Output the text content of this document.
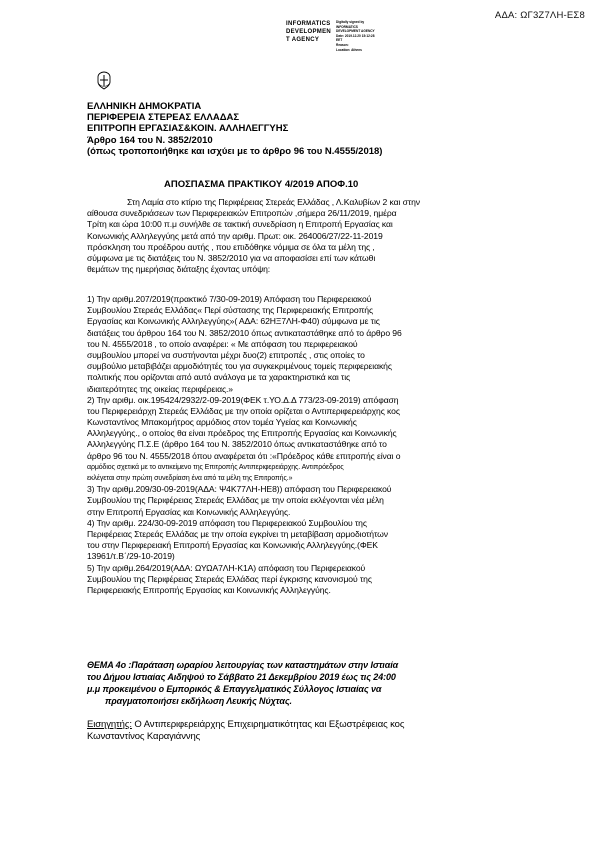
ΑΔΑ: ΩΓ3Ζ7ΛΗ-ΕΣ8
INFORMATICS
DEVELOPMEN
T AGENCY
Digitally signed by
INFORMATICS
DEVELOPMENT AGENCY
Date: 2019.12.20 15:12:28
EET
Reason:
Location: Athens
ΕΛΛΗΝΙΚΗ ΔΗΜΟΚΡΑΤΙΑ
ΠΕΡΙΦΕΡΕΙΑ ΣΤΕΡΕΑΣ ΕΛΛΑΔΑΣ
ΕΠΙΤΡΟΠΗ ΕΡΓΑΣΙΑΣ&ΚΟΙΝ. ΑΛΛΗΛΕΓΓΥΗΣ
Άρθρο 164 του Ν. 3852/2010
(όπως τροποποιήθηκε και ισχύει με το άρθρο 96 του Ν.4555/2018)
ΑΠΟΣΠΑΣΜΑ ΠΡΑΚΤΙΚΟΥ 4/2019 ΑΠΟΦ.10
Στη Λαμία στο κτίριο της Περιφέρειας Στερεάς Ελλάδας , Λ.Καλυβίων 2 και στην
αίθουσα συνεδριάσεων των Περιφερειακών Επιτροπών ,σήμερα 26/11/2019, ημέρα
Τρίτη και ώρα 10:00 π.μ συνήλθε σε τακτική συνεδρίαση η Επιτροπή Εργασίας και
Κοινωνικής Αλληλεγγύης μετά από την αριθμ. Πρωτ: οικ. 264006/27/22-11-2019
πρόσκληση του προέδρου αυτής , που επιδόθηκε νόμιμα σε όλα τα μέλη της ,
σύμφωνα με τις διατάξεις του Ν. 3852/2010 για να αποφασίσει επί των κάτωθι
θεμάτων της ημερήσιας διάταξης έχοντας υπόψη:
1) Την αριθμ.207/2019(πρακτικό 7/30-09-2019) Απόφαση του Περιφερειακού
Συμβουλίου Στερεάς Ελλάδας« Περί σύστασης της Περιφερειακής Επιτροπής
Εργασίας και Κοινωνικής Αλληλεγγύης»( ΑΔΑ: 62ΗΞ7ΛΗ-Φ40) σύμφωνα με τις
διατάξεις του άρθρου 164 του Ν. 3852/2010 όπως αντικαταστάθηκε από το άρθρο 96
του Ν. 4555/2018 , το οποίο αναφέρει: « Με απόφαση του περιφερειακού
συμβουλίου μπορεί να συστήνονται μέχρι δυο(2) επιτροπές , στις οποίες το
συμβούλιο μεταβιβάζει αρμοδιότητές του για συγκεκριμένους τομείς περιφερειακής
πολιτικής που ορίζονται από αυτό ανάλογα με τα χαρακτηριστικά και τις
ιδιαιτερότητες της οικείας περιφέρειας.»
2) Την αριθμ. οικ.195424/2932/2-09-2019(ΦΕΚ τ.ΥΟ.Δ.Δ 773/23-09-2019) απόφαση
του Περιφερειάρχη Στερεάς Ελλάδας με την οποία ορίζεται ο Αντιπεριφερειάρχης κος
Κωνσταντίνος Μπακομήτρος αρμόδιος στον τομέα Υγείας και Κοινωνικής
Αλληλεγγύης., ο οποίος θα είναι πρόεδρος της Επιτροπής Εργασίας και Κοινωνικής
Αλληλεγγύης Π.Σ.Ε (άρθρο 164 του Ν. 3852/2010 όπως αντικαταστάθηκε από το
άρθρο 96 του Ν. 4555/2018 όπου αναφέρεται ότι :«Πρόεδρος κάθε επιτροπής είναι ο
αρμόδιος σχετικά με το αντικείμενο της Επιτροπής Αντιπεριφερειάρχης. Αντιπρόεδρος
εκλέγεται στην πρώτη συνεδρίαση ένα από τα μέλη της Επιτροπής.»
3) Την αριθμ.209/30-09-2019(ΑΔΑ: Ψ4Κ77ΛΗ-ΗΕ8)) απόφαση του Περιφερειακού
Συμβουλίου της Περιφέρειας Στερεάς Ελλάδας με την οποία εκλέγονται νέα μέλη
στην Επιτροπή Εργασίας και Κοινωνικής Αλληλεγγύης.
4) Την αριθμ. 224/30-09-2019 απόφαση του Περιφερειακού Συμβουλίου της
Περιφέρειας Στερεάς Ελλάδας με την οποία εγκρίνει τη μεταβίβαση αρμοδιοτήτων
του στην Περιφερειακή Επιτροπή Εργασίας και Κοινωνικής Αλληλεγγύης.(ΦΕΚ
13961/τ.Β΄/29-10-2019)
5) Την αριθμ.264/2019(ΑΔΑ: ΩΥΩΑ7ΛΗ-Κ1Α) απόφαση του Περιφερειακού
Συμβουλίου της Περιφέρειας Στερεάς Ελλάδας περί έγκρισης κανονισμού της
Περιφερειακής Επιτροπής Εργασίας και Κοινωνικής Αλληλεγγύης.
ΘΕΜΑ 4ο :Παράταση ωραρίου λειτουργίας των καταστημάτων στην Ιστιαία
του Δήμου Ιστιαίας Αιδηψού το Σάββατο 21 Δεκεμβρίου 2019 έως τις 24:00
μ.μ προκειμένου ο Εμπορικός & Επαγγελματικός Σύλλογος Ιστιαίας να
πραγματοποιήσει εκδήλωση Λευκής Νύχτας.
Εισηγητής: Ο Αντιπεριφερειάρχης Επιχειρηματικότητας και Εξωστρέφειας κος
Κωνσταντίνος Καραγιάννης
